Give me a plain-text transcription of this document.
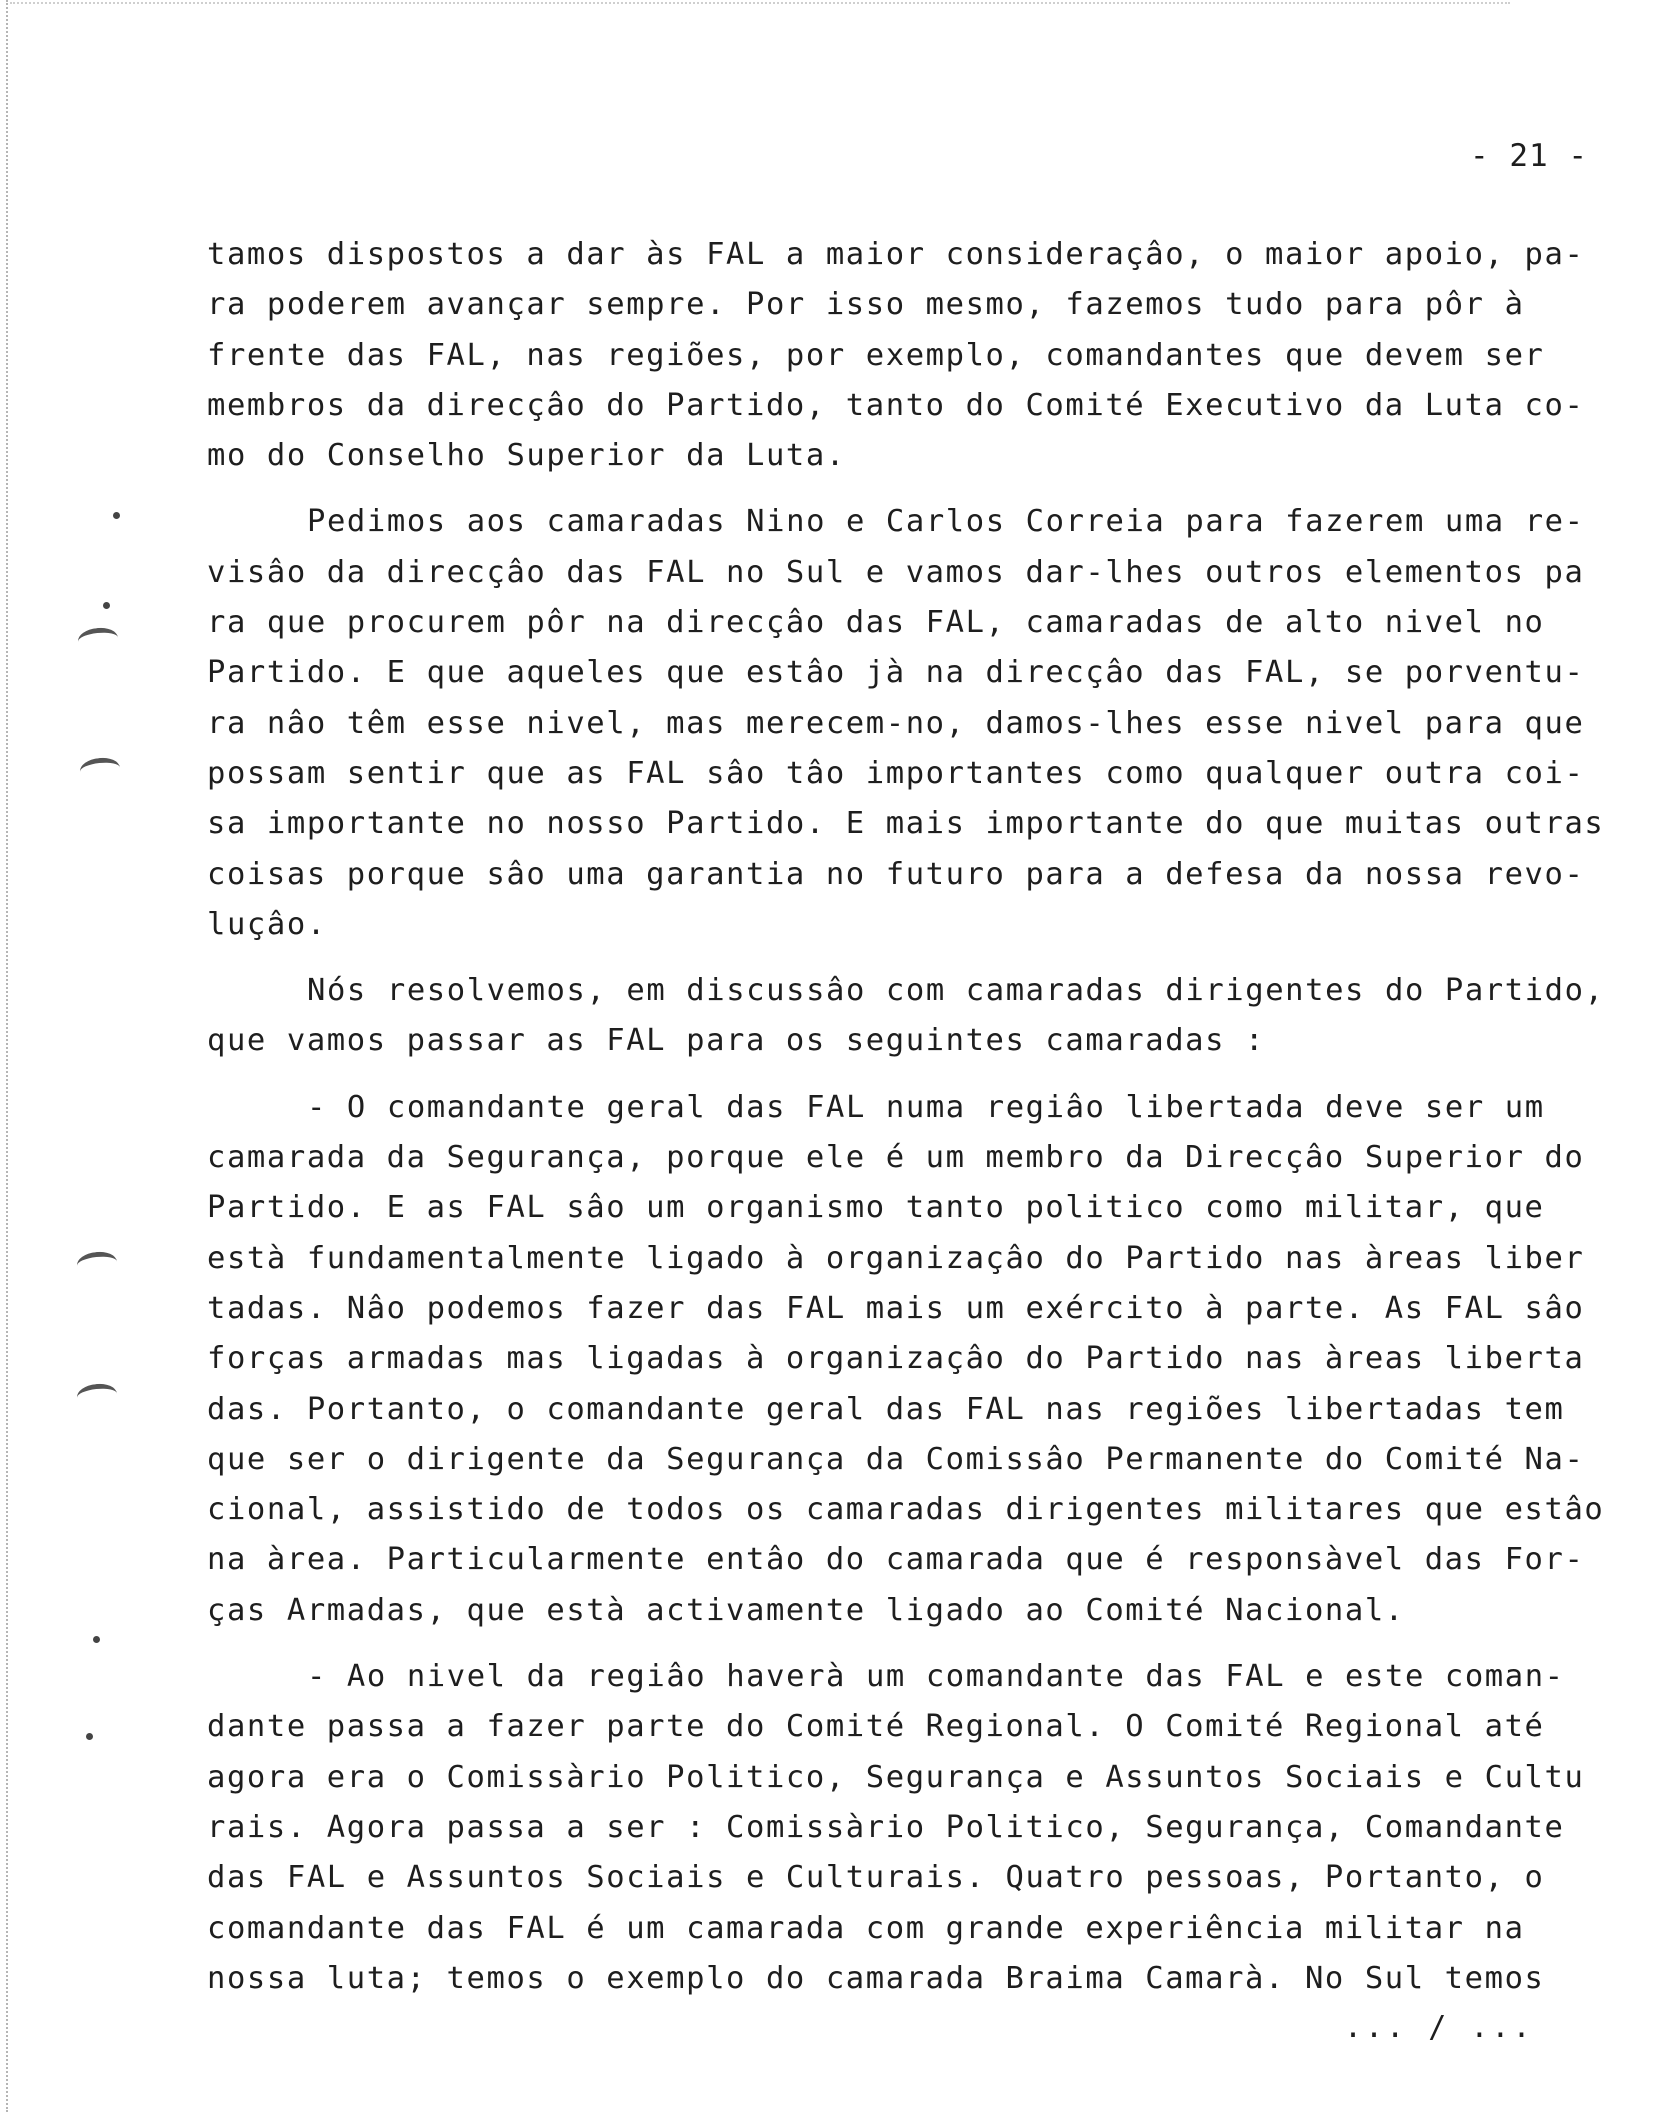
- 21 -
tamos dispostos a dar às FAL a maior consideraçâo, o maior apoio, pa-
ra poderem avançar sempre. Por isso mesmo, fazemos tudo para pôr à
frente das FAL, nas regiões, por exemplo, comandantes que devem ser
membros da direcçâo do Partido, tanto do Comité Executivo da Luta co-
mo do Conselho Superior da Luta.
Pedimos aos camaradas Nino e Carlos Correia para fazerem uma re-
visâo da direcçâo das FAL no Sul e vamos dar-lhes outros elementos pa
ra que procurem pôr na direcçâo das FAL, camaradas de alto nivel no
Partido. E que aqueles que estâo jà na direcçâo das FAL, se porventu-
ra nâo têm esse nivel, mas merecem-no, damos-lhes esse nivel para que
possam sentir que as FAL sâo tâo importantes como qualquer outra coi-
sa importante no nosso Partido. E mais importante do que muitas outras
coisas porque sâo uma garantia no futuro para a defesa da nossa revo-
luçâo.
Nós resolvemos, em discussâo com camaradas dirigentes do Partido,
que vamos passar as FAL para os seguintes camaradas :
- O comandante geral das FAL numa regiâo libertada deve ser um
camarada da Segurança, porque ele é um membro da Direcçâo Superior do
Partido. E as FAL sâo um organismo tanto politico como militar, que
està fundamentalmente ligado à organizaçâo do Partido nas àreas liber
tadas. Nâo podemos fazer das FAL mais um exército à parte. As FAL sâo
forças armadas mas ligadas à organizaçâo do Partido nas àreas liberta
das. Portanto, o comandante geral das FAL nas regiões libertadas tem
que ser o dirigente da Segurança da Comissâo Permanente do Comité Na-
cional, assistido de todos os camaradas dirigentes militares que estâo
na àrea. Particularmente entâo do camarada que é responsàvel das For-
ças Armadas, que està activamente ligado ao Comité Nacional.
- Ao nivel da regiâo haverà um comandante das FAL e este coman-
dante passa a fazer parte do Comité Regional. O Comité Regional até
agora era o Comissàrio Politico, Segurança e Assuntos Sociais e Cultu
rais. Agora passa a ser : Comissàrio Politico, Segurança, Comandante
das FAL e Assuntos Sociais e Culturais. Quatro pessoas, Portanto, o
comandante das FAL é um camarada com grande experiência militar na
nossa luta; temos o exemplo do camarada Braima Camarà. No Sul temos
... / ...
